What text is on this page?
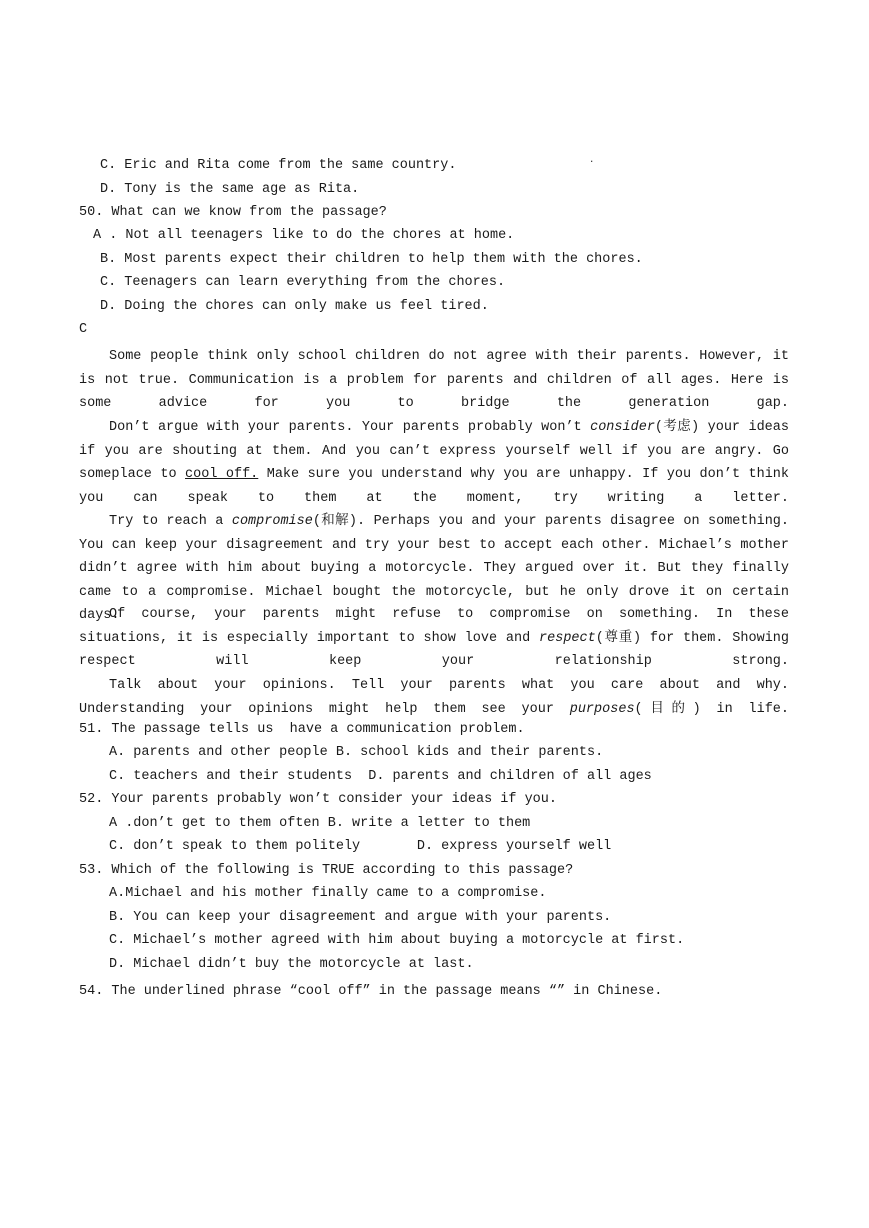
·
C. Eric and Rita come from the same country.
D. Tony is the same age as Rita.
50. What can we know from the passage?
A . Not all teenagers like to do the chores at home.
B. Most parents expect their children to help them with the chores.
C. Teenagers can learn everything from the chores.
D. Doing the chores can only make us feel tired.
C
Some people think only school children do not agree with their parents. However, it is not true. Communication is a problem for parents and children of all ages. Here is some advice for you to bridge the generation gap.
Don’t argue with your parents. Your parents probably won’t consider(考虑) your ideas if you are shouting at them. And you can’t express yourself well if you are angry. Go someplace to cool off. Make sure you understand why you are unhappy. If you don’t think you can speak to them at the moment, try writing a letter.
Try to reach a compromise(和解). Perhaps you and your parents disagree on something. You can keep your disagreement and try your best to accept each other. Michael’s mother didn’t agree with him about buying a motorcycle. They argued over it. But they finally came to a compromise. Michael bought the motorcycle, but he only drove it on certain days.
Of course, your parents might refuse to compromise on something. In these situations, it is especially important to show love and respect(尊重) for them. Showing respect will keep your relationship strong.
Talk about your opinions. Tell your parents what you care about and why. Understanding your opinions might help them see your purposes(目的) in life.
51. The passage tells us  have a communication problem.
A. parents and other people B. school kids and their parents.
C. teachers and their students  D. parents and children of all ages
52. Your parents probably won’t consider your ideas if you.
A .don’t get to them often B. write a letter to them
C. don’t speak to them politely       D. express yourself well
53. Which of the following is TRUE according to this passage?
A.Michael and his mother finally came to a compromise.
B. You can keep your disagreement and argue with your parents.
C. Michael’s mother agreed with him about buying a motorcycle at first.
D. Michael didn’t buy the motorcycle at last.
54. The underlined phrase “cool off” in the passage means “” in Chinese.
